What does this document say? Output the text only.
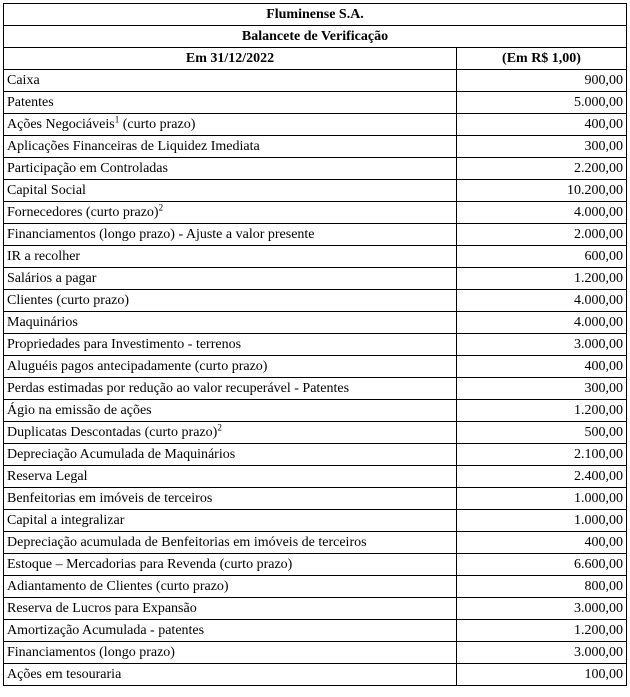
Fluminense S.A.	
Balancete de Verificação	
Em 31/12/2022	(Em R$ 1,00)
Caixa	900,00
Patentes	5.000,00
Ações Negociáveis$^1$ (curto prazo)	400,00
Aplicações Financeiras de Liquidez Imediata	300,00
Participação em Controladas	2.200,00
Capital Social	10.200,00
Fornecedores (curto prazo)$^2$	4.000,00
Financiamentos (longo prazo) - Ajuste a valor presente	2.000,00
IR a recolher	600,00
Salários a pagar	1.200,00
Clientes (curto prazo)	4.000,00
Maquinários	4.000,00
Propriedades para Investimento - terrenos	3.000,00
Aluguéis pagos antecipadamente (curto prazo)	400,00
Perdas estimadas por redução ao valor recuperável - Patentes	300,00
Ágio na emissão de ações	1.200,00
Duplicatas Descontadas (curto prazo)$^2$	500,00
Depreciação Acumulada de Maquinários	2.100,00
Reserva Legal	2.400,00
Benfeitorias em imóveis de terceiros	1.000,00
Capital a integralizar	1.000,00
Depreciação acumulada de Benfeitorias em imóveis de terceiros	400,00
Estoque – Mercadorias para Revenda (curto prazo)	6.600,00
Adiantamento de Clientes (curto prazo)	800,00
Reserva de Lucros para Expansão	3.000,00
Amortização Acumulada - patentes	1.200,00
Financiamentos (longo prazo)	3.000,00
Ações em tesouraria	100,00
